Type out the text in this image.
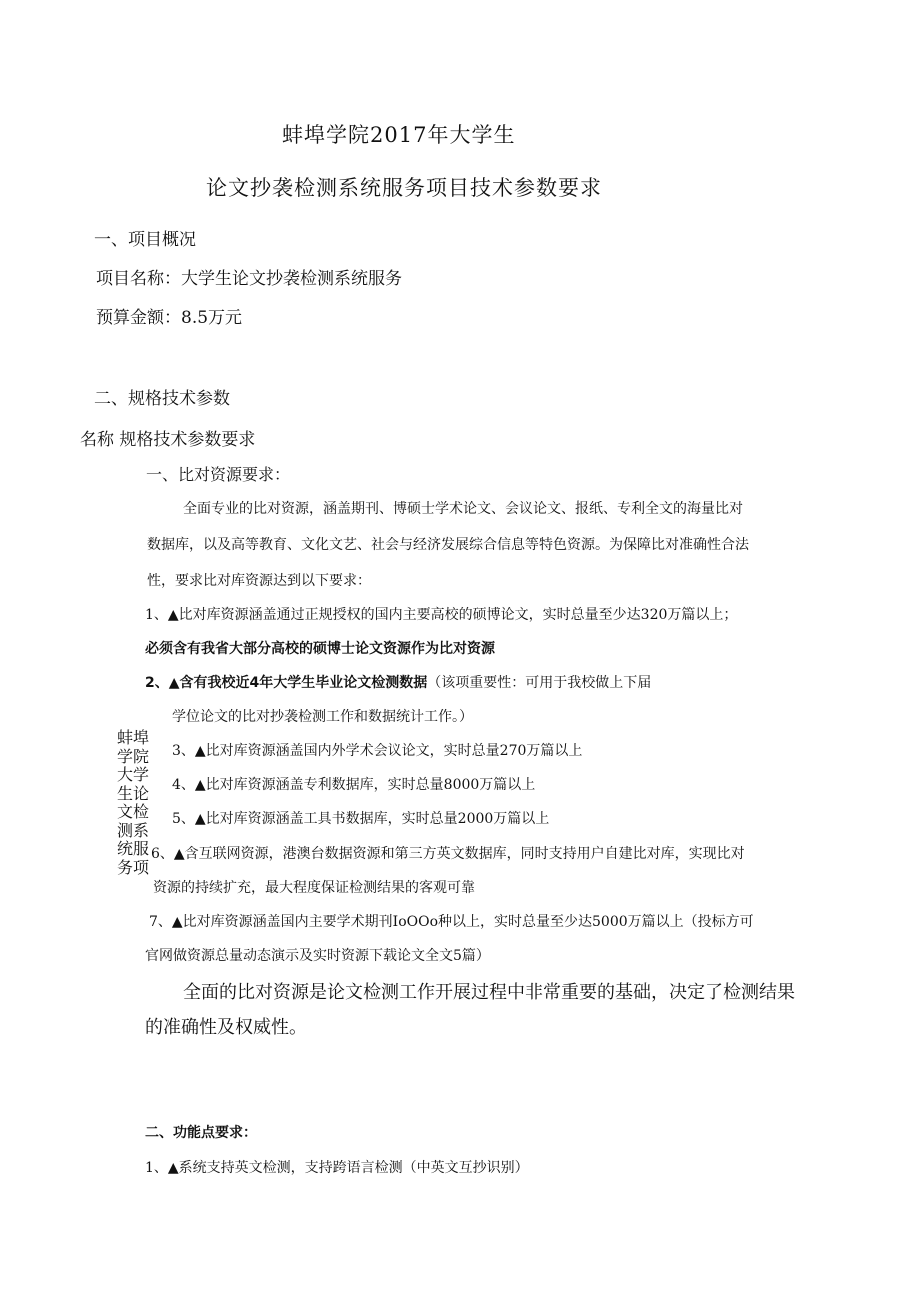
蚌埠学院2017年大学生
论文抄袭检测系统服务项目技术参数要求
一、项目概况
项目名称：大学生论文抄袭检测系统服务
预算金额：8.5万元
二、规格技术参数
名称 规格技术参数要求
一、比对资源要求：
全面专业的比对资源，涵盖期刊、博硕士学术论文、会议论文、报纸、专利全文的海量比对
数据库，以及高等教育、文化文艺、社会与经济发展综合信息等特色资源。为保障比对准确性合法
性，要求比对库资源达到以下要求：
1、▲比对库资源涵盖通过正规授权的国内主要高校的硕博论文，实时总量至少达320万篇以上；
必须含有我省大部分高校的硕博士论文资源作为比对资源
2、▲含有我校近4年大学生毕业论文检测数据（该项重要性：可用于我校做上下届
学位论文的比对抄袭检测工作和数据统计工作。）
3、▲比对库资源涵盖国内外学术会议论文，实时总量270万篇以上
4、▲比对库资源涵盖专利数据库，实时总量8000万篇以上
5、▲比对库资源涵盖工具书数据库，实时总量2000万篇以上
6、▲含互联网资源，港澳台数据资源和第三方英文数据库，同时支持用户自建比对库，实现比对
资源的持续扩充，最大程度保证检测结果的客观可靠
7、▲比对库资源涵盖国内主要学术期刊IoOOo种以上，实时总量至少达5000万篇以上（投标方可
官网做资源总量动态演示及实时资源下载论文全文5篇）
全面的比对资源是论文检测工作开展过程中非常重要的基础，决定了检测结果
的准确性及权威性。
蚌埠学院大学生论文检测系统服务项
二、功能点要求：
1、▲系统支持英文检测，支持跨语言检测（中英文互抄识别）
